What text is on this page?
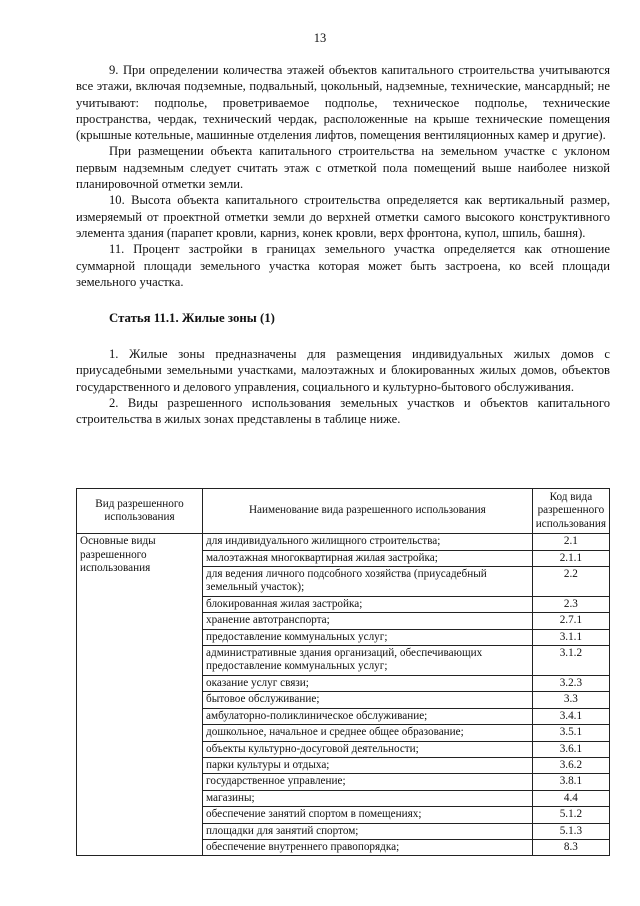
13

9. При определении количества этажей объектов капитального строительства учитываются все этажи, включая подземные, подвальный, цокольный, надземные, технические, мансардный; не учитывают: подполье, проветриваемое подполье, техническое подполье, технические пространства, чердак, технический чердак, расположенные на крыше технические помещения (крышные котельные, машинные отделения лифтов, помещения вентиляционных камер и другие).

При размещении объекта капитального строительства на земельном участке с уклоном первым надземным следует считать этаж с отметкой пола помещений выше наиболее низкой планировочной отметки земли.

10. Высота объекта капитального строительства определяется как вертикальный размер, измеряемый от проектной отметки земли до верхней отметки самого высокого конструктивного элемента здания (парапет кровли, карниз, конек кровли, верх фронтона, купол, шпиль, башня).

11. Процент застройки в границах земельного участка определяется как отношение суммарной площади земельного участка которая может быть застроена, ко всей площади земельного участка.

Статья 11.1. Жилые зоны (1)

1. Жилые зоны предназначены для размещения индивидуальных жилых домов с приусадебными земельными участками, малоэтажных и блокированных жилых домов, объектов государственного и делового управления, социального и культурно-бытового обслуживания.

2. Виды разрешенного использования земельных участков и объектов капитального строительства в жилых зонах представлены в таблице ниже.

Вид разрешенного использования	Наименование вида разрешенного использования	Код вида разрешенного использования
Основные виды разрешенного использования	для индивидуального жилищного строительства;	2.1
	малоэтажная многоквартирная жилая застройка;	2.1.1
	для ведения личного подсобного хозяйства (приусадебный земельный участок);	2.2
	блокированная жилая застройка;	2.3
	хранение автотранспорта;	2.7.1
	предоставление коммунальных услуг;	3.1.1
	административные здания организаций, обеспечивающих предоставление коммунальных услуг;	3.1.2
	оказание услуг связи;	3.2.3
	бытовое обслуживание;	3.3
	амбулаторно-поликлиническое обслуживание;	3.4.1
	дошкольное, начальное и среднее общее образование;	3.5.1
	объекты культурно-досуговой деятельности;	3.6.1
	парки культуры и отдыха;	3.6.2
	государственное управление;	3.8.1
	магазины;	4.4
	обеспечение занятий спортом в помещениях;	5.1.2
	площадки для занятий спортом;	5.1.3
	обеспечение внутреннего правопорядка;	8.3
